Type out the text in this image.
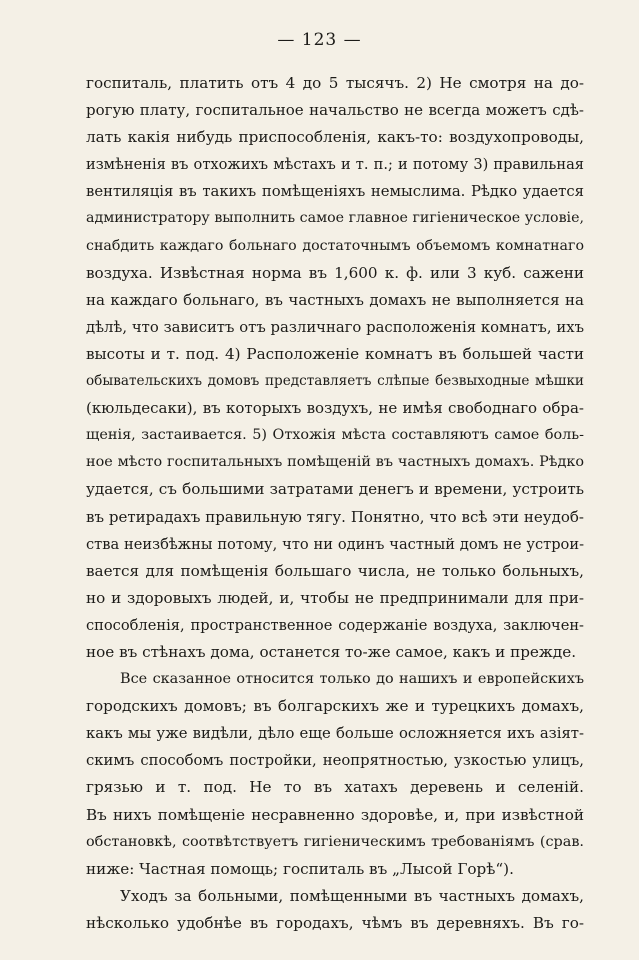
— 123 —
госпиталь, платить отъ 4 до 5 тысячъ. 2) Не смотря на до-
рогую плату, госпитальное начальство не всегда можетъ сдѣ-
лать какія нибудь приспособленія, какъ-то: воздухопроводы,
измѣненія въ отхожихъ мѣстахъ и т. п.; и потому 3) правильная
вентиляція въ такихъ помѣщеніяхъ немыслима. Рѣдко удается
администратору выполнить самое главное гигіеническое условіе,
снабдить каждаго больнаго достаточнымъ объемомъ комнатнаго
воздуха. Извѣстная норма въ 1,600 к. ф. или 3 куб. сажени
на каждаго больнаго, въ частныхъ домахъ не выполняется на
дѣлѣ, что зависитъ отъ различнаго расположенія комнатъ, ихъ
высоты и т. под. 4) Расположеніе комнатъ въ большей части
обывательскихъ домовъ представляетъ слѣпые безвыходные мѣшки
(кюльдесаки), въ которыхъ воздухъ, не имѣя свободнаго обра-
щенія, застаивается. 5) Отхожія мѣста составляютъ самое боль-
ное мѣсто госпитальныхъ помѣщеній въ частныхъ домахъ. Рѣдко
удается, съ большими затратами денегъ и времени, устроить
въ ретирадахъ правильную тягу. Понятно, что всѣ эти неудоб-
ства неизбѣжны потому, что ни одинъ частный домъ не устрои-
вается для помѣщенія большаго числа, не только больныхъ,
но и здоровыхъ людей, и, чтобы не предпринимали для при-
способленія, пространственное содержаніе воздуха, заключен-
ное въ стѣнахъ дома, останется то-же самое, какъ и прежде.
Все сказанное относится только до нашихъ и европейскихъ
городскихъ домовъ; въ болгарскихъ же и турецкихъ домахъ,
какъ мы уже видѣли, дѣло еще больше осложняется ихъ азіят-
скимъ способомъ постройки, неопрятностью, узкостью улицъ,
грязью и т. под. Не то въ хатахъ деревень и селеній.
Въ нихъ помѣщеніе несравненно здоровѣе, и, при извѣстной
обстановкѣ, соотвѣтствуетъ гигіеническимъ требованіямъ (срав.
ниже: Частная помощь; госпиталь въ „Лысой Горѣ“).
Уходъ за больными, помѣщенными въ частныхъ домахъ,
нѣсколько удобнѣе въ городахъ, чѣмъ въ деревняхъ. Въ го-
